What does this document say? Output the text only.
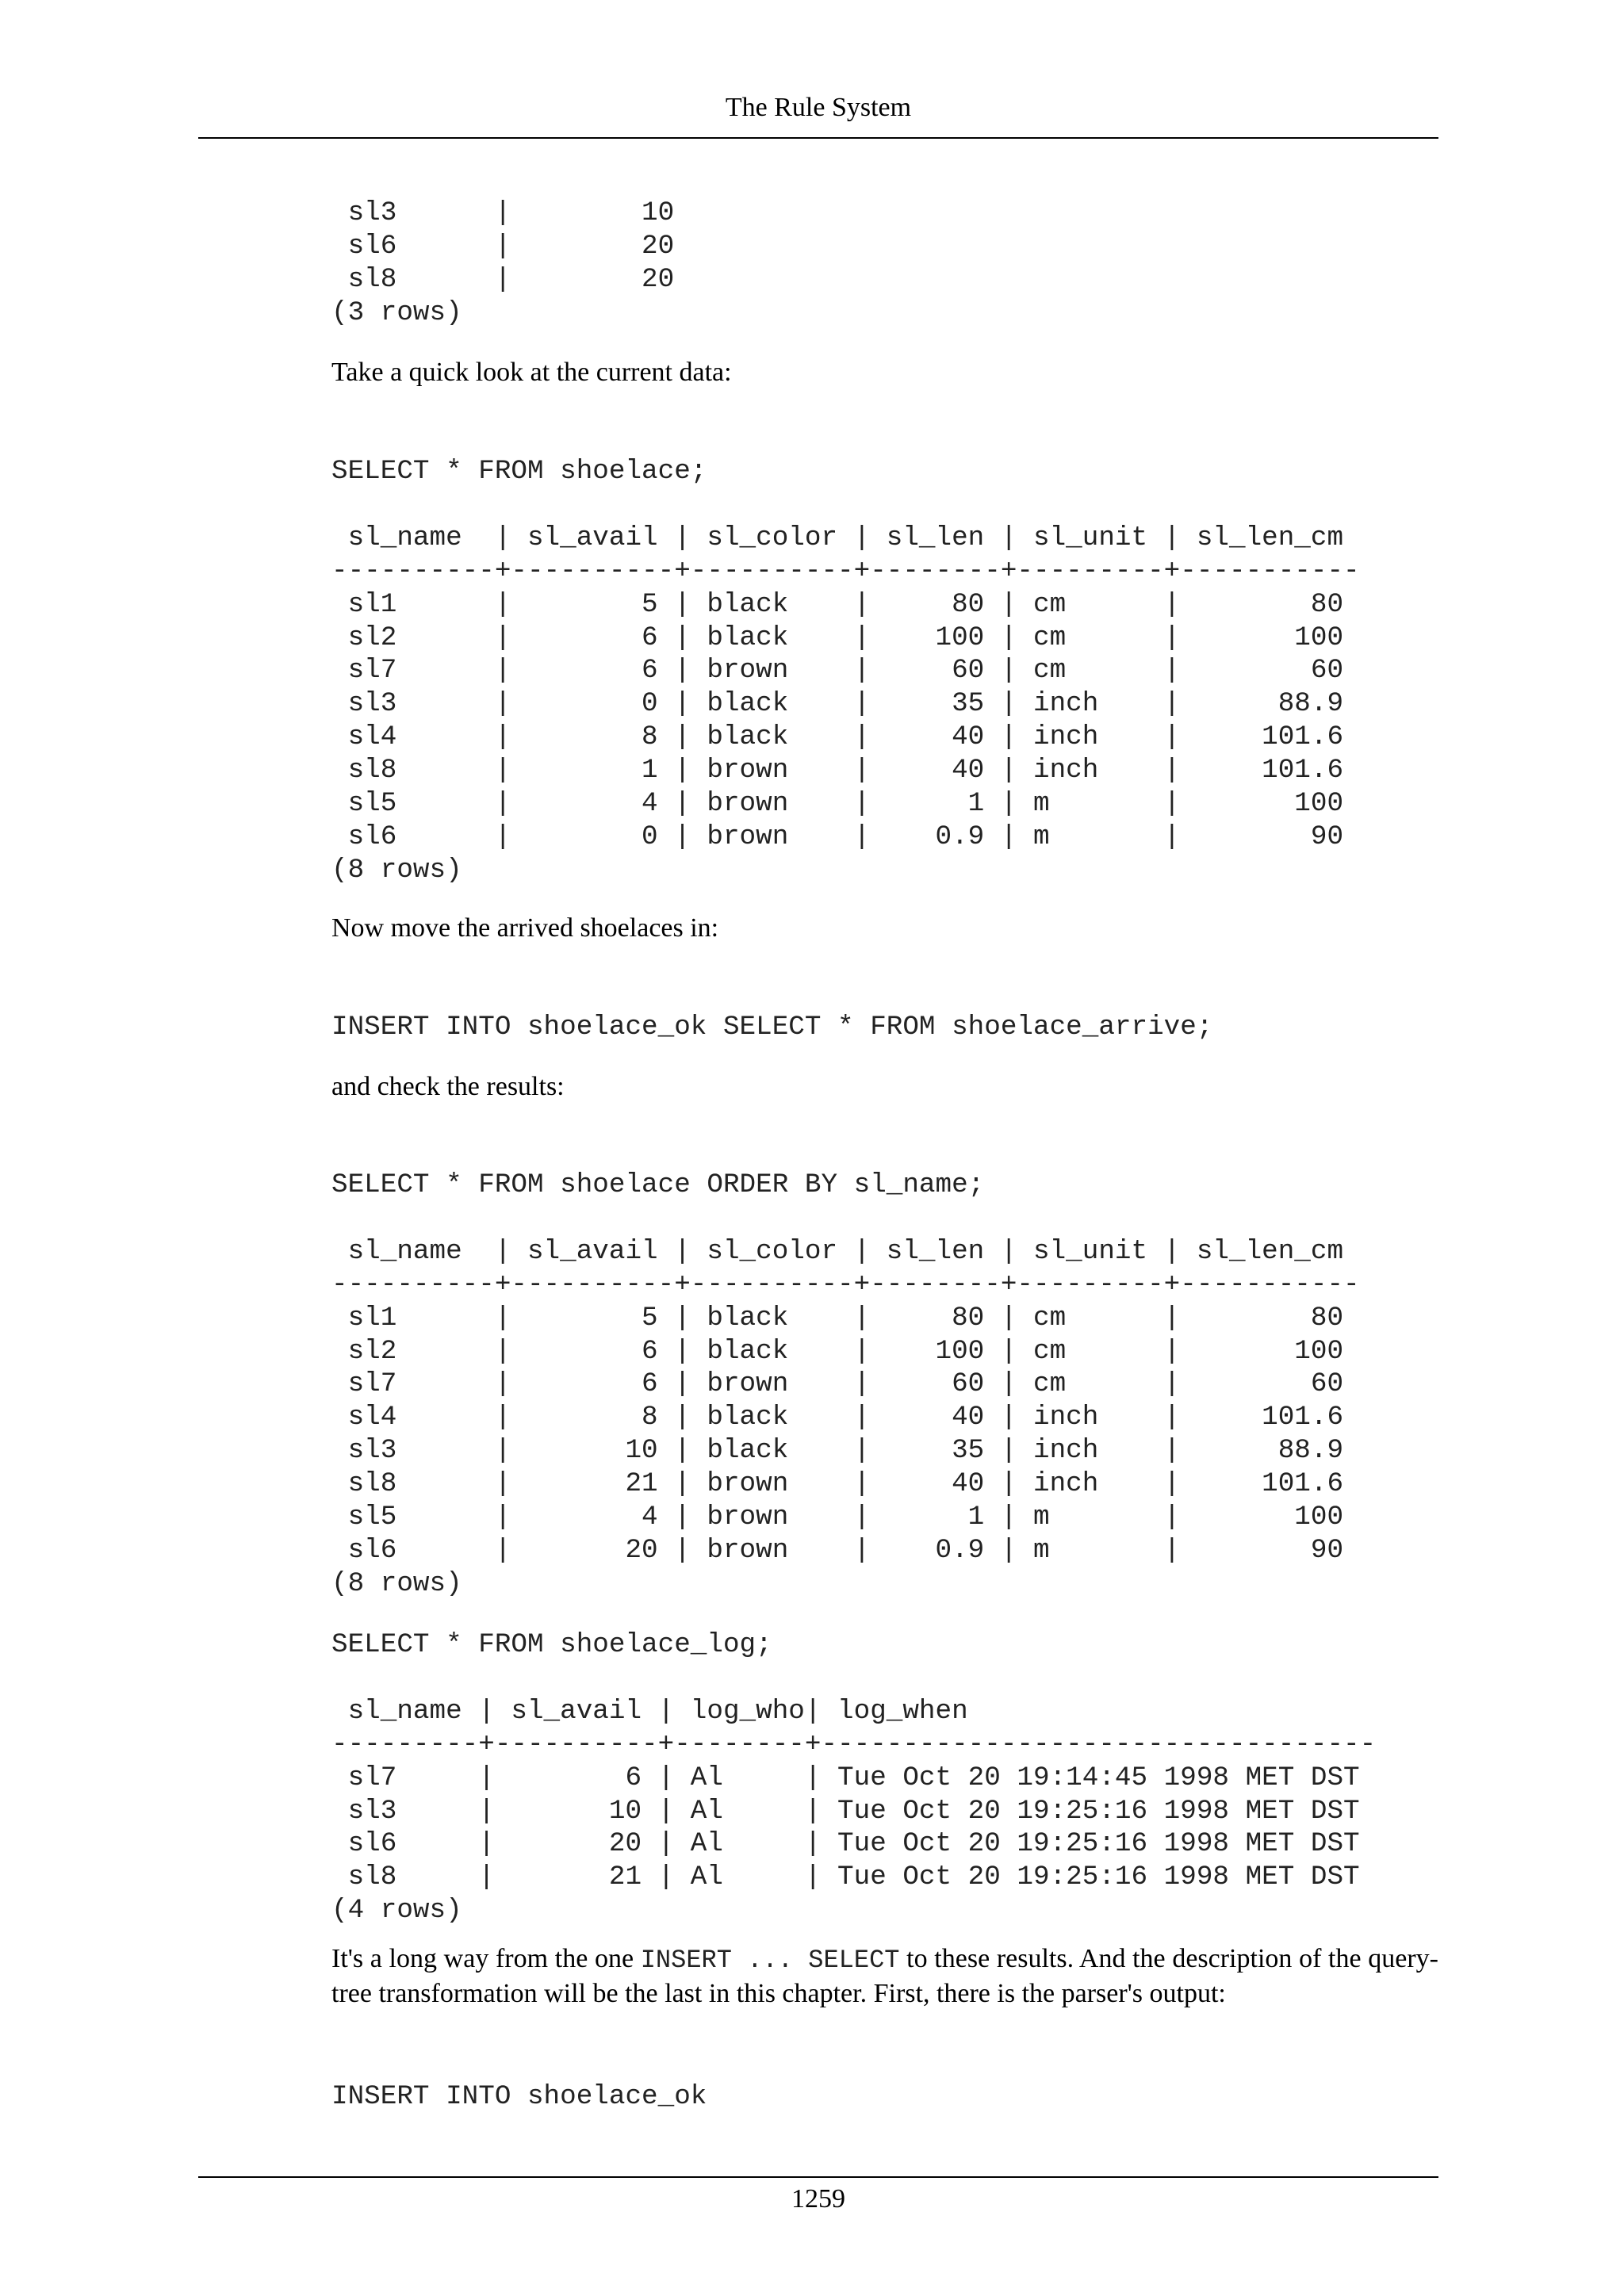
The Rule System
sl3      |        10
sl6      |        20
sl8      |        20
(3 rows)

Take a quick look at the current data:

SELECT * FROM shoelace;

sl_name  | sl_avail | sl_color | sl_len | sl_unit | sl_len_cm
----------+----------+----------+--------+---------+-----------
sl1      |        5 | black    |     80 | cm      |        80
sl2      |        6 | black    |    100 | cm      |       100
sl7      |        6 | brown    |     60 | cm      |        60
sl3      |        0 | black    |     35 | inch    |      88.9
sl4      |        8 | black    |     40 | inch    |     101.6
sl8      |        1 | brown    |     40 | inch    |     101.6
sl5      |        4 | brown    |      1 | m       |       100
sl6      |        0 | brown    |    0.9 | m       |        90
(8 rows)

Now move the arrived shoelaces in:

INSERT INTO shoelace_ok SELECT * FROM shoelace_arrive;

and check the results:

SELECT * FROM shoelace ORDER BY sl_name;

sl_name  | sl_avail | sl_color | sl_len | sl_unit | sl_len_cm
----------+----------+----------+--------+---------+-----------
sl1      |        5 | black    |     80 | cm      |        80
sl2      |        6 | black    |    100 | cm      |       100
sl7      |        6 | brown    |     60 | cm      |        60
sl4      |        8 | black    |     40 | inch    |     101.6
sl3      |       10 | black    |     35 | inch    |      88.9
sl8      |       21 | brown    |     40 | inch    |     101.6
sl5      |        4 | brown    |      1 | m       |       100
sl6      |       20 | brown    |    0.9 | m       |        90
(8 rows)
SELECT * FROM shoelace_log;

sl_name | sl_avail | log_who| log_when
---------+----------+--------+----------------------------------
sl7     |        6 | Al     | Tue Oct 20 19:14:45 1998 MET DST
sl3     |       10 | Al     | Tue Oct 20 19:25:16 1998 MET DST
sl6     |       20 | Al     | Tue Oct 20 19:25:16 1998 MET DST
sl8     |       21 | Al     | Tue Oct 20 19:25:16 1998 MET DST
(4 rows)

It's a long way from the one INSERT ... SELECT to these results. And the description of the query-tree transformation will be the last in this chapter. First, there is the parser's output:

INSERT INTO shoelace_ok
1259
